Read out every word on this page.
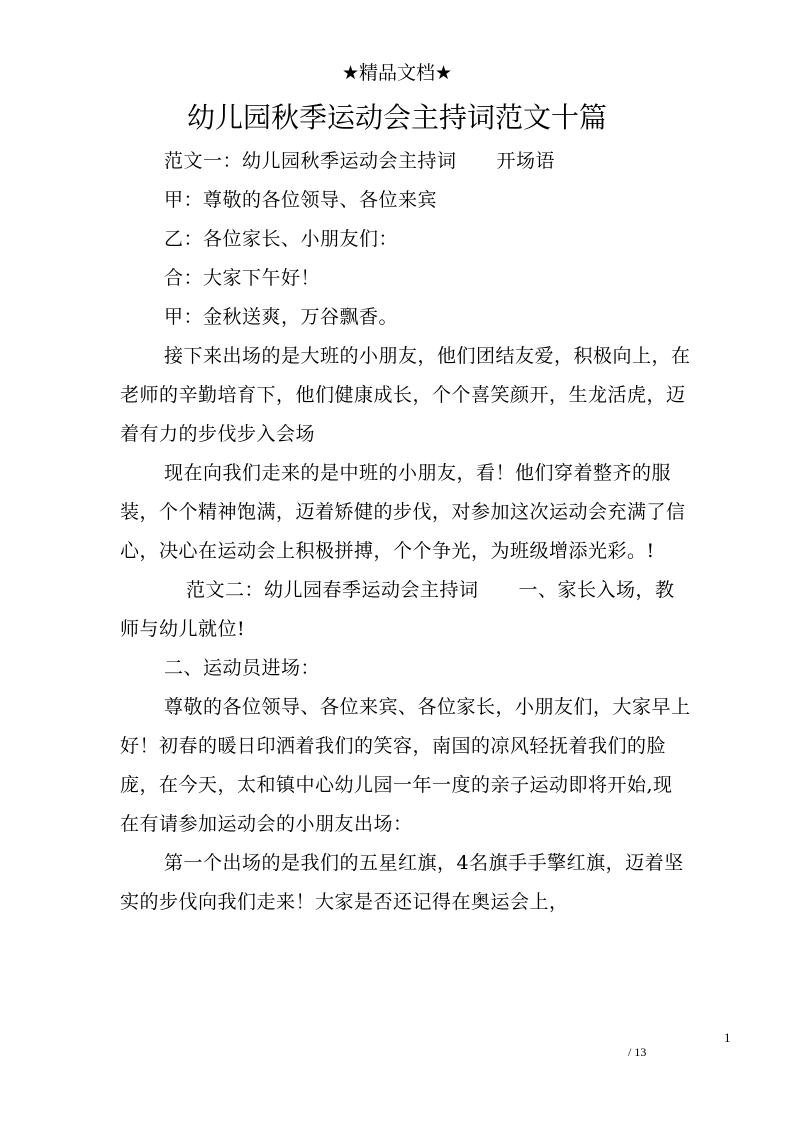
★精品文档★
幼儿园秋季运动会主持词范文十篇

范文一：幼儿园秋季运动会主持词 开场语

甲：尊敬的各位领导、各位来宾

乙：各位家长、小朋友们：

合：大家下午好！

甲：金秋送爽，万谷飘香。

接下来出场的是大班的小朋友，他们团结友爱，积极向上，在老师的辛勤培育下，他们健康成长，个个喜笑颜开，生龙活虎，迈着有力的步伐步入会场

现在向我们走来的是中班的小朋友，看！他们穿着整齐的服装，个个精神饱满，迈着矫健的步伐，对参加这次运动会充满了信心，决心在运动会上积极拼搏，个个争光，为班级增添光彩。!

范文二：幼儿园春季运动会主持词 一、家长入场，教师与幼儿就位!

二、运动员进场：

尊敬的各位领导、各位来宾、各位家长，小朋友们，大家早上好！初春的暖日印洒着我们的笑容，南国的凉风轻抚着我们的脸庞，在今天，太和镇中心幼儿园一年一度的亲子运动即将开始,现在有请参加运动会的小朋友出场：

第一个出场的是我们的五星红旗，4名旗手手擎红旗，迈着坚实的步伐向我们走来！大家是否还记得在奥运会上，

1
/ 13
